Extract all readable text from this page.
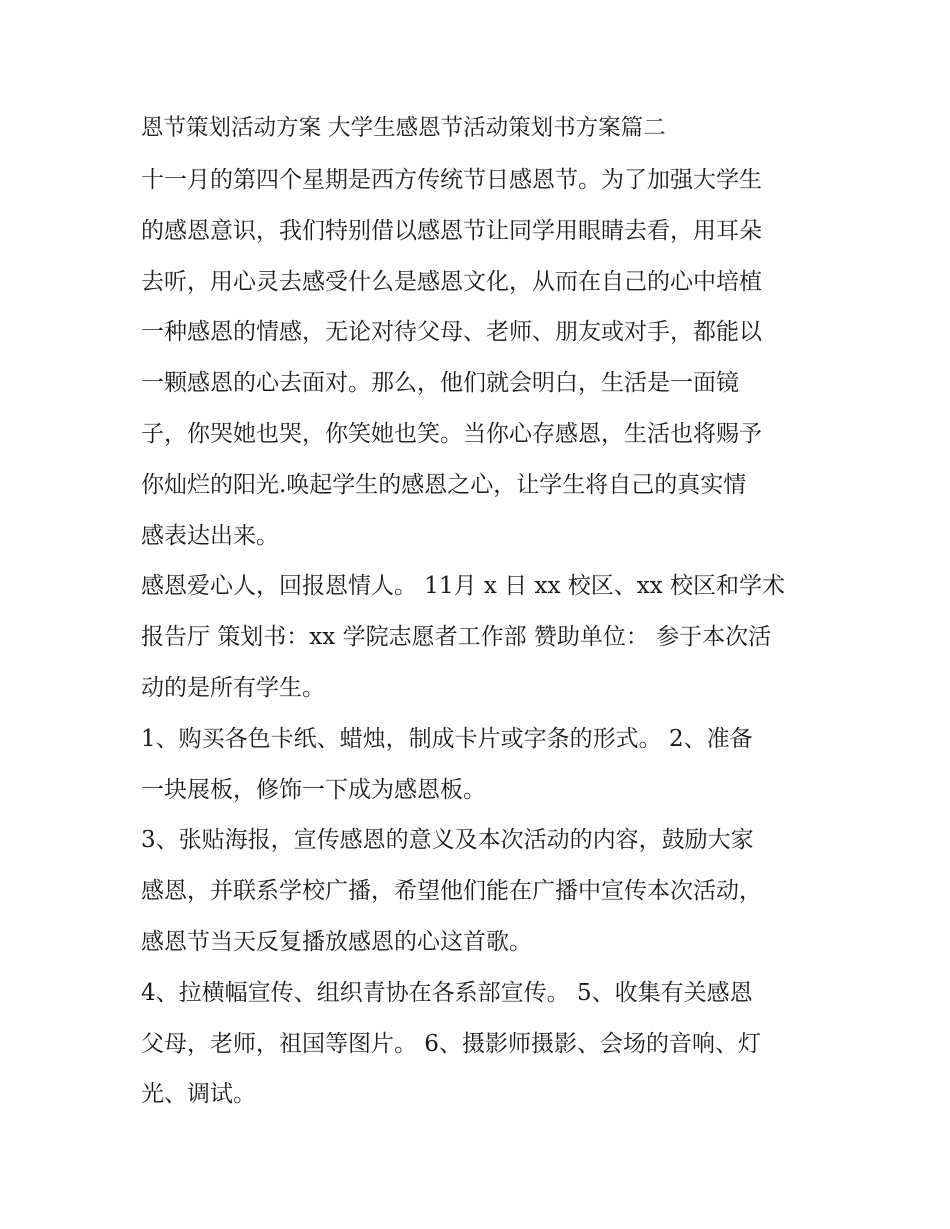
恩节策划活动方案 大学生感恩节活动策划书方案篇二
十一月的第四个星期是西方传统节日感恩节。为了加强大学生
的感恩意识，我们特别借以感恩节让同学用眼睛去看，用耳朵
去听，用心灵去感受什么是感恩文化，从而在自己的心中培植
一种感恩的情感，无论对待父母、老师、朋友或对手，都能以
一颗感恩的心去面对。那么，他们就会明白，生活是一面镜
子，你哭她也哭，你笑她也笑。当你心存感恩，生活也将赐予
你灿烂的阳光.唤起学生的感恩之心，让学生将自己的真实情
感表达出来。
感恩爱心人，回报恩情人。 11月 x 日 xx 校区、xx 校区和学术
报告厅 策划书：xx 学院志愿者工作部 赞助单位： 参于本次活
动的是所有学生。
1、购买各色卡纸、蜡烛，制成卡片或字条的形式。 2、准备
一块展板，修饰一下成为感恩板。
3、张贴海报，宣传感恩的意义及本次活动的内容，鼓励大家
感恩，并联系学校广播，希望他们能在广播中宣传本次活动，
感恩节当天反复播放感恩的心这首歌。
4、拉横幅宣传、组织青协在各系部宣传。 5、收集有关感恩
父母，老师，祖国等图片。 6、摄影师摄影、会场的音响、灯
光、调试。
